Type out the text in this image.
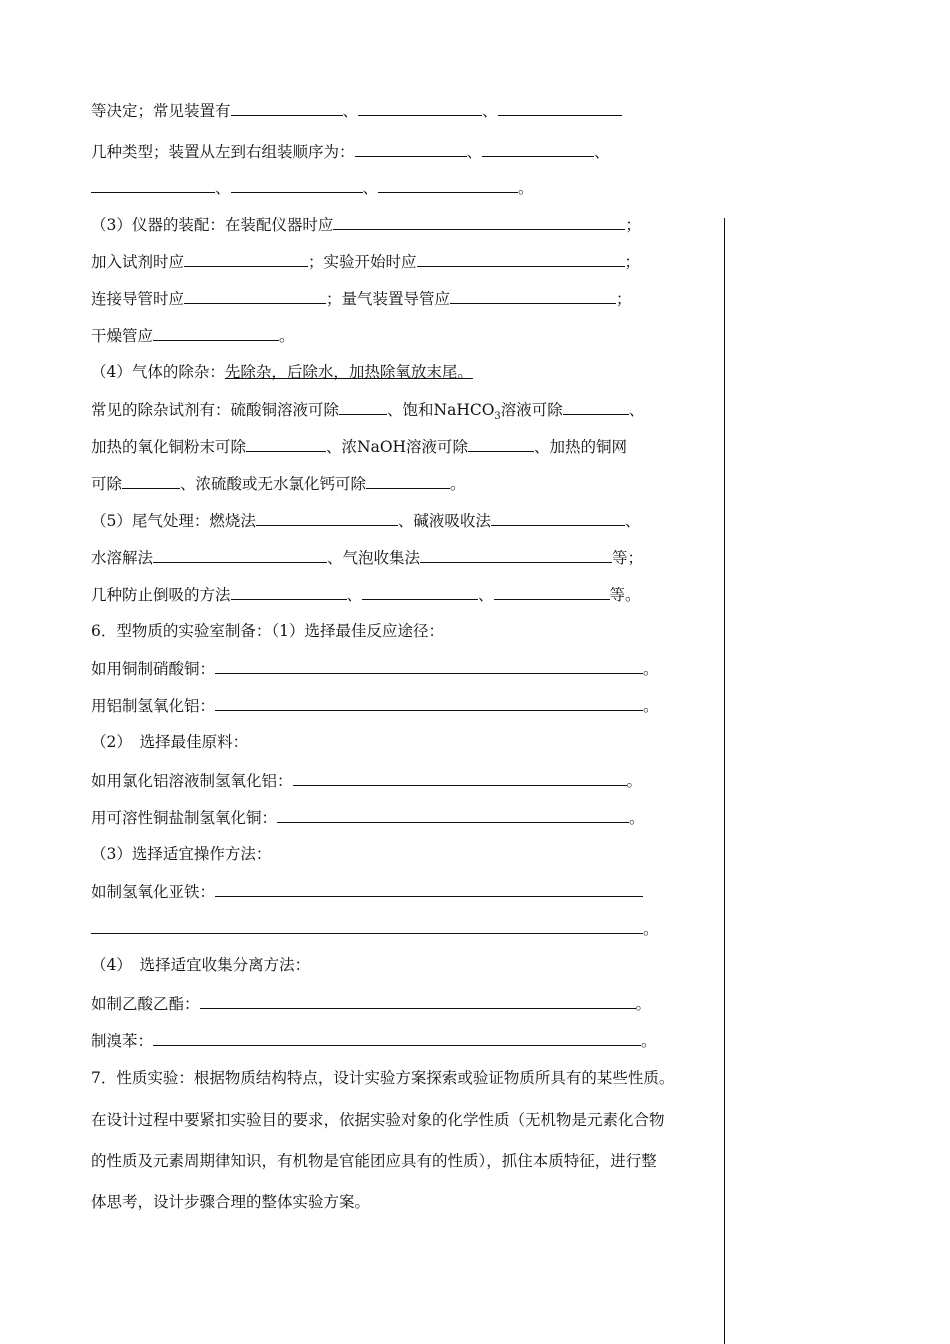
等决定；常见装置有	、	、
几种类型；装置从左到右组装顺序为：	、	、
、	、	。
（3）仪器的装配：在装配仪器时应	；
加入试剂时应	；实验开始时应	；
连接导管时应	；量气装置导管应	；
干燥管应	。
（4）气体的除杂：先除杂，后除水，加热除氧放末尾。
常见的除杂试剂有：硫酸铜溶液可除	、饱和NaHCO$_3$溶液可除	、
加热的氧化铜粉末可除	、浓NaOH溶液可除	、加热的铜网
可除	、浓硫酸或无水氯化钙可除	。
（5）尾气处理：燃烧法	、碱液吸收法	、
水溶解法	、气泡收集法	等；
几种防止倒吸的方法	、	、	等。
6．型物质的实验室制备：（1）选择最佳反应途径：
如用铜制硝酸铜：	。
用铝制氢氧化铝：	。
（2）　选择最佳原料：
如用氯化铝溶液制氢氧化铝：	。
用可溶性铜盐制氢氧化铜：	。
（3）选择适宜操作方法：
如制氢氧化亚铁：
。
（4）　选择适宜收集分离方法：
如制乙酸乙酯：	。
制溴苯：	。
7．性质实验：根据物质结构特点，设计实验方案探索或验证物质所具有的某些性质。
在设计过程中要紧扣实验目的要求，依据实验对象的化学性质（无机物是元素化合物
的性质及元素周期律知识，有机物是官能团应具有的性质），抓住本质特征，进行整
体思考，设计步骤合理的整体实验方案。
